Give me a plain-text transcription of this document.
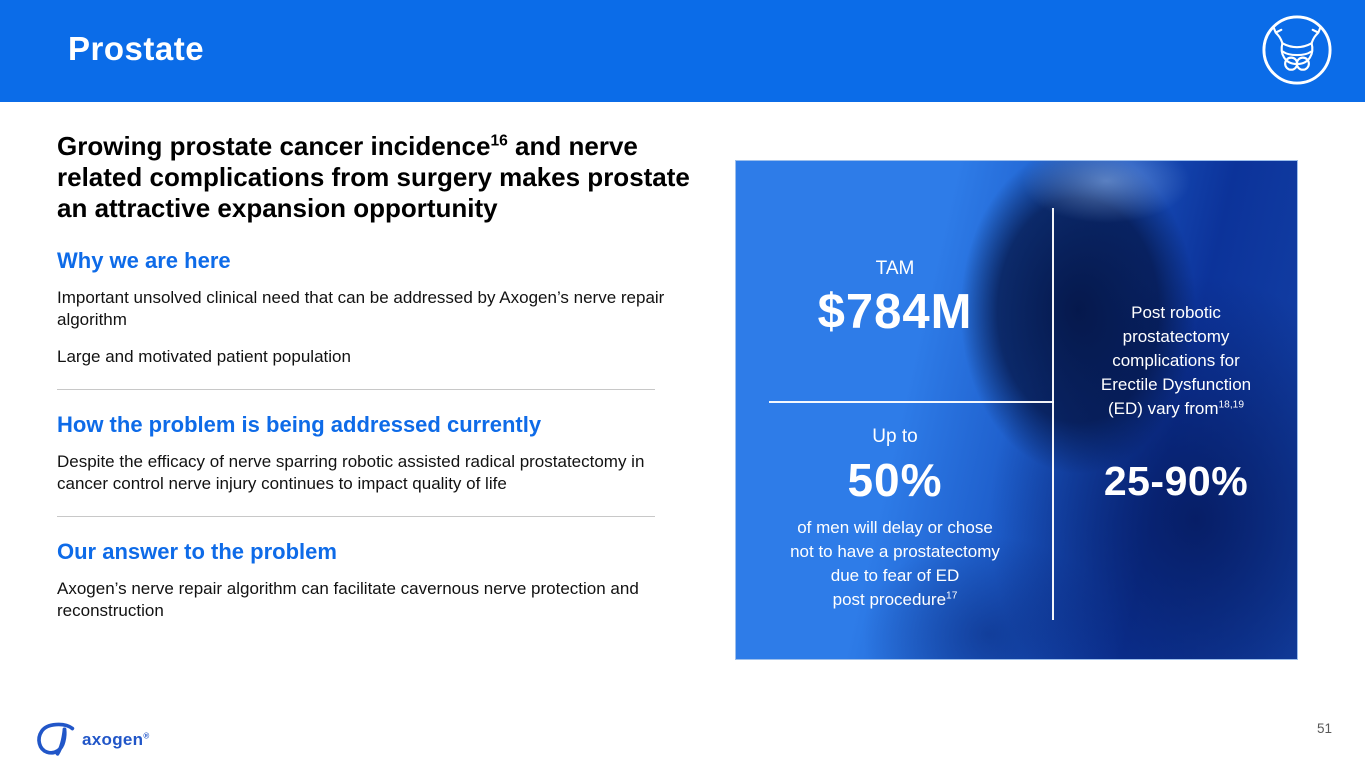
Prostate
Growing prostate cancer incidence$^{16}$ and nerve related complications from surgery makes prostate an attractive expansion opportunity
Why we are here

Important unsolved clinical need that can be addressed by Axogen’s nerve repair algorithm

Large and motivated patient population

How the problem is being addressed currently

Despite the efficacy of nerve sparring robotic assisted radical prostatectomy in cancer control nerve injury continues to impact quality of life

Our answer to the problem

Axogen’s nerve repair algorithm can facilitate cavernous nerve protection and reconstruction

TAM
$784M	Post robotic
prostatectomy
complications for
Erectile Dysfunction
(ED) vary from$^{18,19}$
Up to
50%
of men will delay or chose
not to have a prostatectomy
due to fear of ED
post procedure$^{17}$
25-90%
axogen®	51
